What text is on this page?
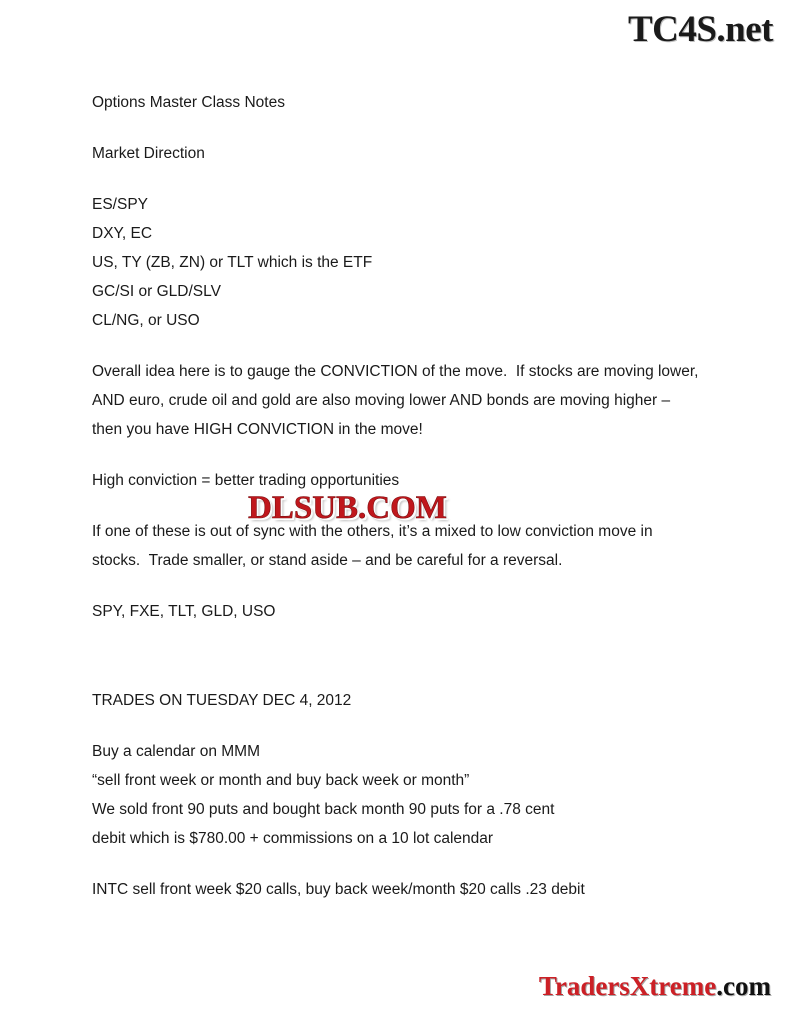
TC4S.net

Options Master Class Notes

Market Direction

ES/SPY
DXY, EC
US, TY (ZB, ZN) or TLT which is the ETF
GC/SI or GLD/SLV
CL/NG, or USO

Overall idea here is to gauge the CONVICTION of the move.  If stocks are moving lower, AND euro, crude oil and gold are also moving lower AND bonds are moving higher – then you have HIGH CONVICTION in the move!

High conviction = better trading opportunities

If one of these is out of sync with the others, it’s a mixed to low conviction move in stocks.  Trade smaller, or stand aside – and be careful for a reversal.

SPY, FXE, TLT, GLD, USO

TRADES ON TUESDAY DEC 4, 2012

Buy a calendar on MMM
“sell front week or month and buy back week or month”
We sold front 90 puts and bought back month 90 puts for a .78 cent
debit which is $780.00 + commissions on a 10 lot calendar

INTC sell front week $20 calls, buy back week/month $20 calls .23 debit

DLSUB.COM
TradersXtreme.com
